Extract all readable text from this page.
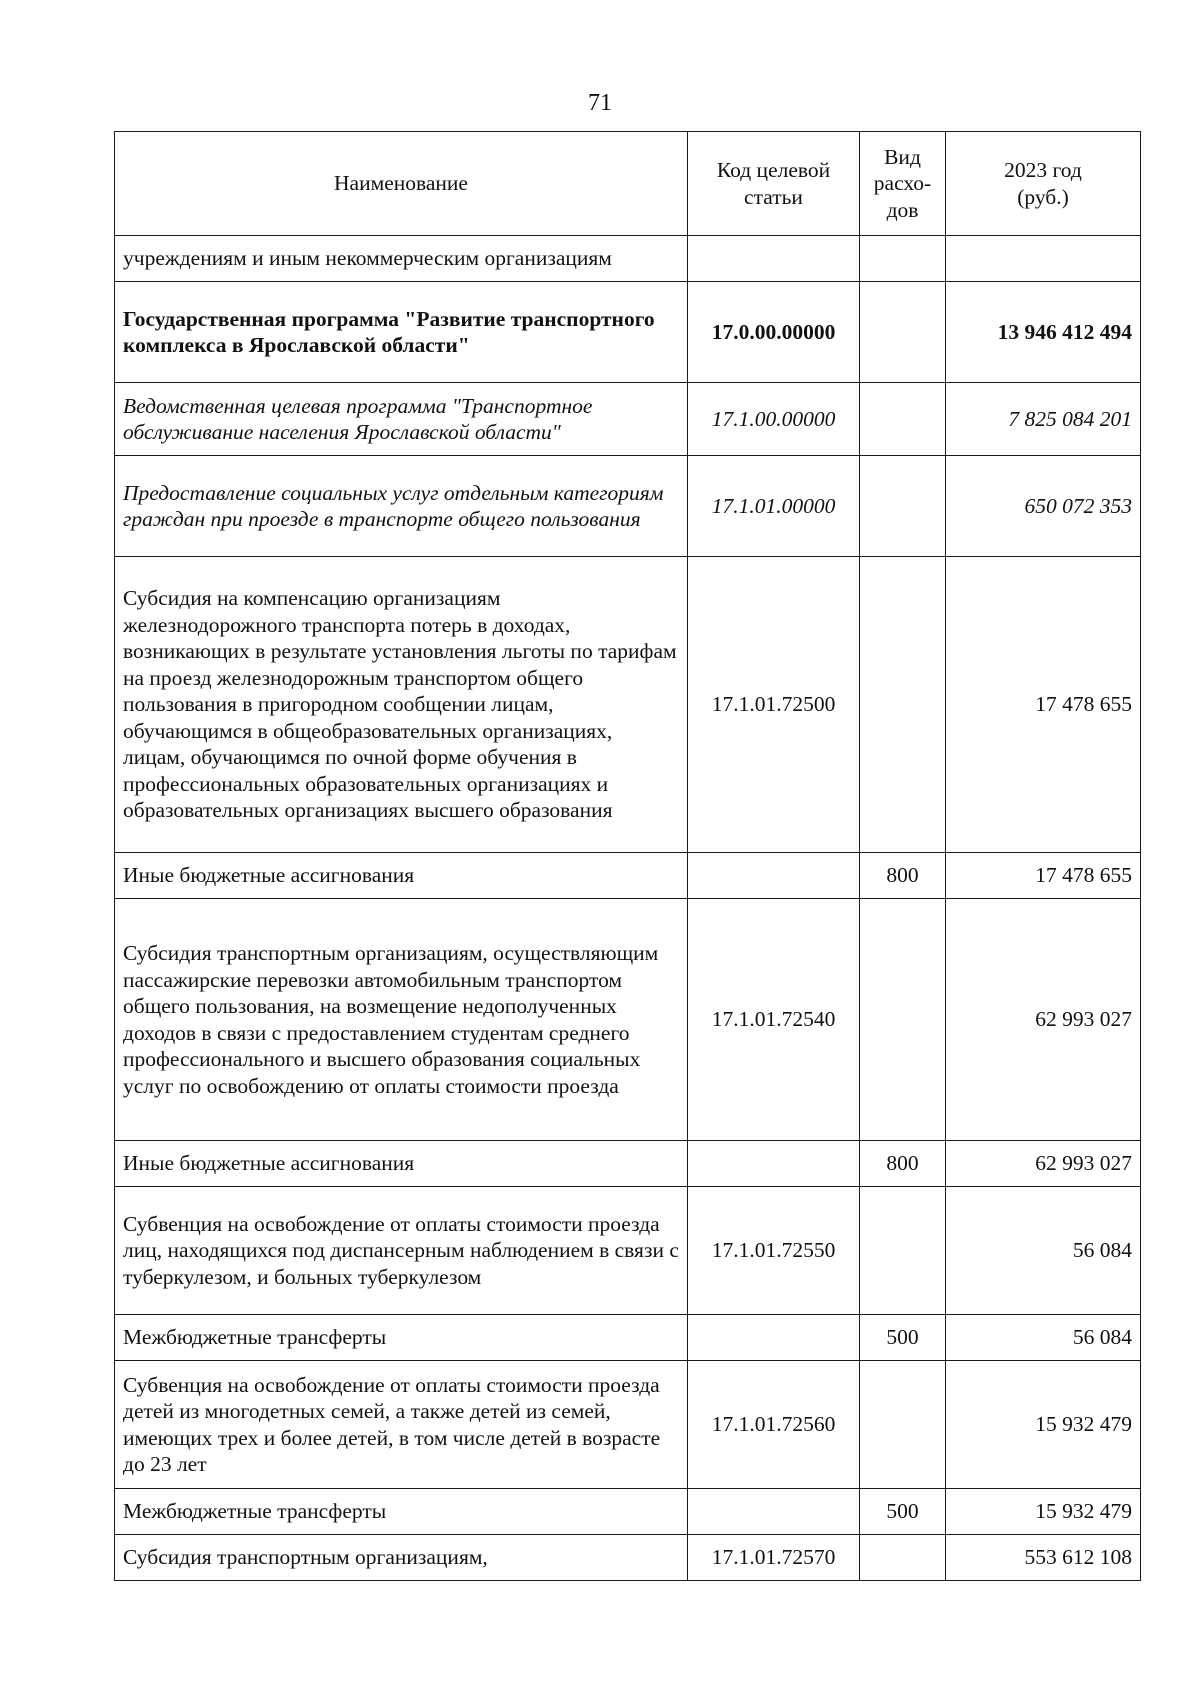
71
Наименование	Код целевой статьи	Вид расхо-дов	2023 год
(руб.)

учреждениям и иным некоммерческим организациям			
Государственная программа "Развитие транспортного комплекса в Ярославской области"	17.0.00.00000		13 946 412 494
Ведомственная целевая программа "Транспортное обслуживание населения Ярославской области"	17.1.00.00000		7 825 084 201
Предоставление социальных услуг отдельным категориям граждан при проезде в транспорте общего пользования	17.1.01.00000		650 072 353
Субсидия на компенсацию организациям железнодорожного транспорта потерь в доходах, возникающих в результате установления льготы по тарифам на проезд железнодорожным транспортом общего пользования в пригородном сообщении лицам, обучающимся в общеобразовательных организациях, лицам, обучающимся по очной форме обучения в профессиональных образовательных организациях и образовательных организациях высшего образования	17.1.01.72500		17 478 655
Иные бюджетные ассигнования		800	17 478 655
Субсидия транспортным организациям, осуществляющим пассажирские перевозки автомобильным транспортом общего пользования, на возмещение недополученных доходов в связи с предоставлением студентам среднего профессионального и высшего образования социальных услуг по освобождению от оплаты стоимости проезда	17.1.01.72540		62 993 027
Иные бюджетные ассигнования		800	62 993 027
Субвенция на освобождение от оплаты стоимости проезда лиц, находящихся под диспансерным наблюдением в связи с туберкулезом, и больных туберкулезом	17.1.01.72550		56 084
Межбюджетные трансферты		500	56 084
Субвенция на освобождение от оплаты стоимости проезда детей из многодетных семей, а также детей из семей, имеющих трех и более детей, в том числе детей в возрасте до 23 лет	17.1.01.72560		15 932 479
Межбюджетные трансферты		500	15 932 479
Субсидия транспортным организациям,	17.1.01.72570		553 612 108
